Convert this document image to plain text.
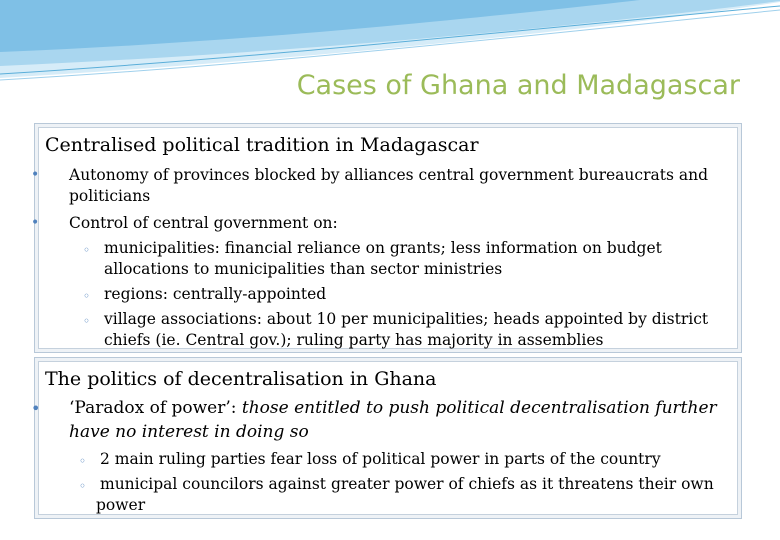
Cases of Ghana and Madagascar
Centralised political tradition in Madagascar
• Autonomy of provinces blocked by alliances central government bureaucrats and
politicians
• Control of central government on:
◦ municipalities: financial reliance on grants; less information on budget
allocations to municipalities than sector ministries
◦ regions: centrally-appointed
◦ village associations: about 10 per municipalities; heads appointed by district
chiefs (ie. Central gov.); ruling party has majority in assemblies
The politics of decentralisation in Ghana
• ‘Paradox of power’: those entitled to push political decentralisation further
have no interest in doing so
◦ 2 main ruling parties fear loss of political power in parts of the country
◦ municipal councilors against greater power of chiefs as it threatens their own
power
